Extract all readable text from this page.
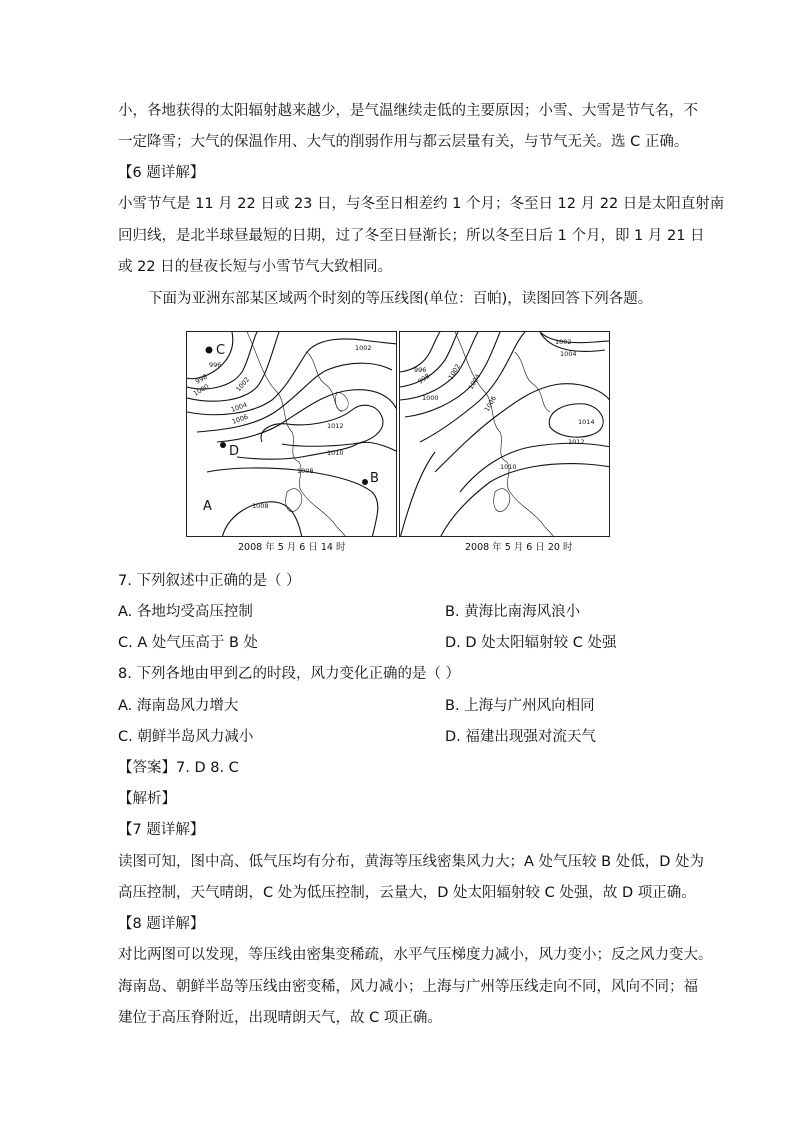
小，各地获得的太阳辐射越来越少，是气温继续走低的主要原因；小雪、大雪是节气名，不
一定降雪；大气的保温作用、大气的削弱作用与都云层量有关，与节气无关。选 C 正确。
【6 题详解】
小雪节气是 11 月 22 日或 23 日，与冬至日相差约 1 个月；冬至日 12 月 22 日是太阳直射南
回归线，是北半球昼最短的日期，过了冬至日昼渐长；所以冬至日后 1 个月，即 1 月 21 日
或 22 日的昼夜长短与小雪节气大致相同。
下面为亚洲东部某区域两个时刻的等压线图(单位：百帕)，读图回答下列各题。
C
D
B
A
1002
996
998
1000	1002
1004
1006
1012
1010
1008
1008
1002
1004
996
998
1000
1002
1004
1006
1014
1012
1010
2008 年 5 月 6 日 14 时	2008 年 5 月 6 日 20 时
7. 下列叙述中正确的是（ ）
A. 各地均受高压控制	B. 黄海比南海风浪小
C. A 处气压高于 B 处	D. D 处太阳辐射较 C 处强
8. 下列各地由甲到乙的时段，风力变化正确的是（ ）
A. 海南岛风力增大	B. 上海与广州风向相同
C. 朝鲜半岛风力减小	D. 福建出现强对流天气
【答案】7. D 8. C
【解析】
【7 题详解】
读图可知，图中高、低气压均有分布，黄海等压线密集风力大；A 处气压较 B 处低，D 处为
高压控制，天气晴朗，C 处为低压控制，云量大，D 处太阳辐射较 C 处强，故 D 项正确。
【8 题详解】
对比两图可以发现，等压线由密集变稀疏，水平气压梯度力减小，风力变小；反之风力变大。
海南岛、朝鲜半岛等压线由密变稀，风力减小；上海与广州等压线走向不同，风向不同；福
建位于高压脊附近，出现晴朗天气，故 C 项正确。
